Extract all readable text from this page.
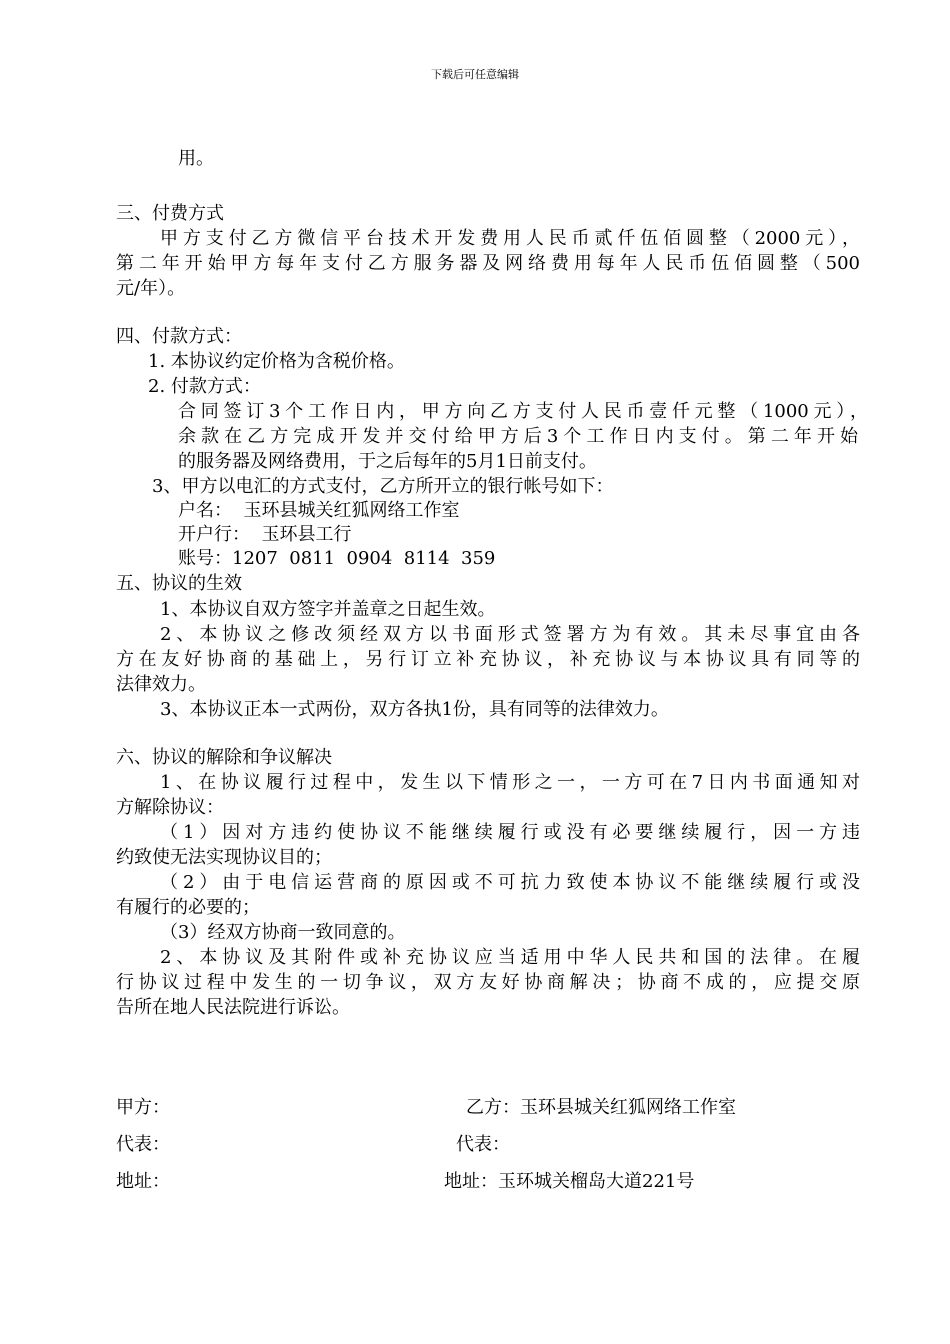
下载后可任意编辑
用。
三、付费方式
甲方支付乙方微信平台技术开发费用人民币贰仟伍佰圆整（2000元），
第二年开始甲方每年支付乙方服务器及网络费用每年人民币伍佰圆整（500
元/年）。
四、付款方式：
1. 本协议约定价格为含税价格。
2. 付款方式：
合同签订3个工作日内，甲方向乙方支付人民币壹仟元整（1000元），
余款在乙方完成开发并交付给甲方后3个工作日内支付。第二年开始
的服务器及网络费用，于之后每年的5月1日前支付。
3、甲方以电汇的方式支付，乙方所开立的银行帐号如下：
户名：  玉环县城关红狐网络工作室
开户行：  玉环县工行
账号：1207  0811  0904  8114  359
五、协议的生效
1、本协议自双方签字并盖章之日起生效。
2、本协议之修改须经双方以书面形式签署方为有效。其未尽事宜由各
方在友好协商的基础上，另行订立补充协议，补充协议与本协议具有同等的
法律效力。
3、本协议正本一式两份，双方各执1份，具有同等的法律效力。
六、协议的解除和争议解决
1、在协议履行过程中，发生以下情形之一，一方可在7日内书面通知对
方解除协议：
（1）因对方违约使协议不能继续履行或没有必要继续履行，因一方违
约致使无法实现协议目的；
（2）由于电信运营商的原因或不可抗力致使本协议不能继续履行或没
有履行的必要的；
（3）经双方协商一致同意的。
2、本协议及其附件或补充协议应当适用中华人民共和国的法律。在履
行协议过程中发生的一切争议，双方友好协商解决；协商不成的，应提交原
告所在地人民法院进行诉讼。
甲方：	乙方：玉环县城关红狐网络工作室
代表：	代表：
地址：	地址：玉环城关榴岛大道221号
